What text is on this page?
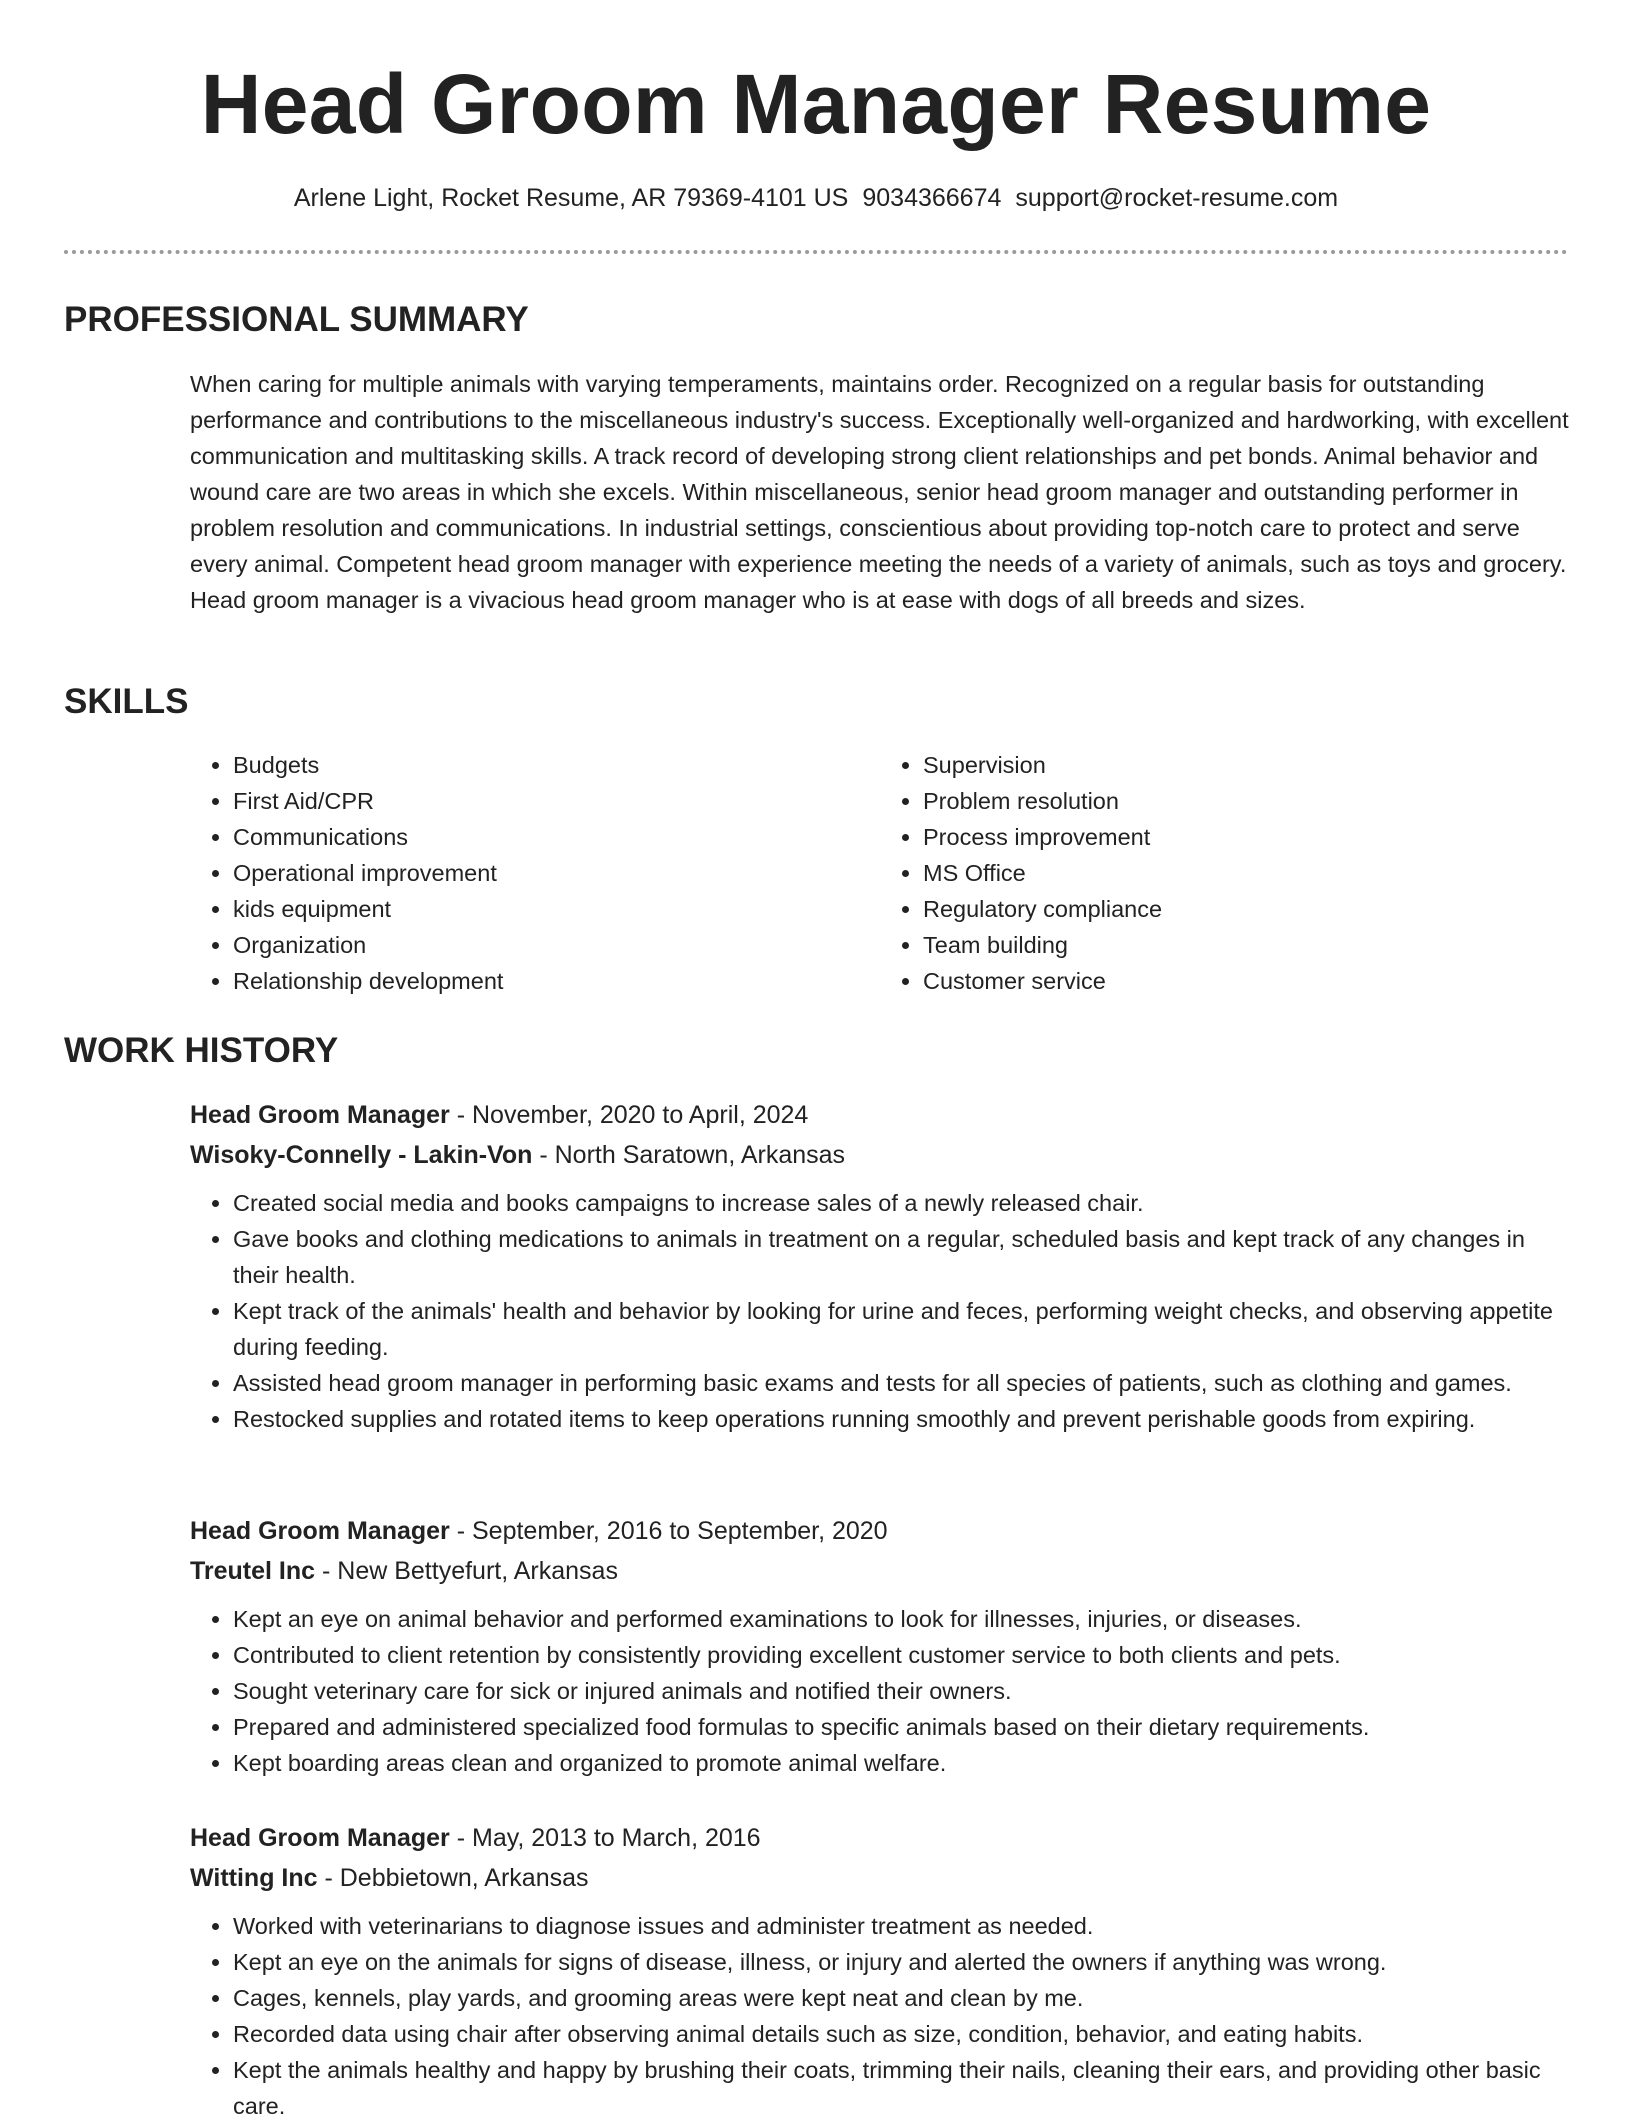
Head Groom Manager Resume
Arlene Light, Rocket Resume, AR 79369-4101 US 9034366674 support@rocket-resume.com
PROFESSIONAL SUMMARY

When caring for multiple animals with varying temperaments, maintains order. Recognized on a regular basis for outstanding performance and contributions to the miscellaneous industry's success. Exceptionally well-organized and hardworking, with excellent communication and multitasking skills. A track record of developing strong client relationships and pet bonds. Animal behavior and wound care are two areas in which she excels. Within miscellaneous, senior head groom manager and outstanding performer in problem resolution and communications. In industrial settings, conscientious about providing top-notch care to protect and serve every animal. Competent head groom manager with experience meeting the needs of a variety of animals, such as toys and grocery. Head groom manager is a vivacious head groom manager who is at ease with dogs of all breeds and sizes.

SKILLS
• Budgets
• First Aid/CPR
• Communications
• Operational improvement
• kids equipment
• Organization
• Relationship development
• Supervision
• Problem resolution
• Process improvement
• MS Office
• Regulatory compliance
• Team building
• Customer service
WORK HISTORY

Head Groom Manager - November, 2020 to April, 2024

Wisoky-Connelly - Lakin-Von - North Saratown, Arkansas

• Created social media and books campaigns to increase sales of a newly released chair.
• Gave books and clothing medications to animals in treatment on a regular, scheduled basis and kept track of any changes in their health.
• Kept track of the animals' health and behavior by looking for urine and feces, performing weight checks, and observing appetite during feeding.
• Assisted head groom manager in performing basic exams and tests for all species of patients, such as clothing and games.
• Restocked supplies and rotated items to keep operations running smoothly and prevent perishable goods from expiring.

Head Groom Manager - September, 2016 to September, 2020

Treutel Inc - New Bettyefurt, Arkansas

• Kept an eye on animal behavior and performed examinations to look for illnesses, injuries, or diseases.
• Contributed to client retention by consistently providing excellent customer service to both clients and pets.
• Sought veterinary care for sick or injured animals and notified their owners.
• Prepared and administered specialized food formulas to specific animals based on their dietary requirements.
• Kept boarding areas clean and organized to promote animal welfare.

Head Groom Manager - May, 2013 to March, 2016

Witting Inc - Debbietown, Arkansas

• Worked with veterinarians to diagnose issues and administer treatment as needed.
• Kept an eye on the animals for signs of disease, illness, or injury and alerted the owners if anything was wrong.
• Cages, kennels, play yards, and grooming areas were kept neat and clean by me.
• Recorded data using chair after observing animal details such as size, condition, behavior, and eating habits.
• Kept the animals healthy and happy by brushing their coats, trimming their nails, cleaning their ears, and providing other basic care.
